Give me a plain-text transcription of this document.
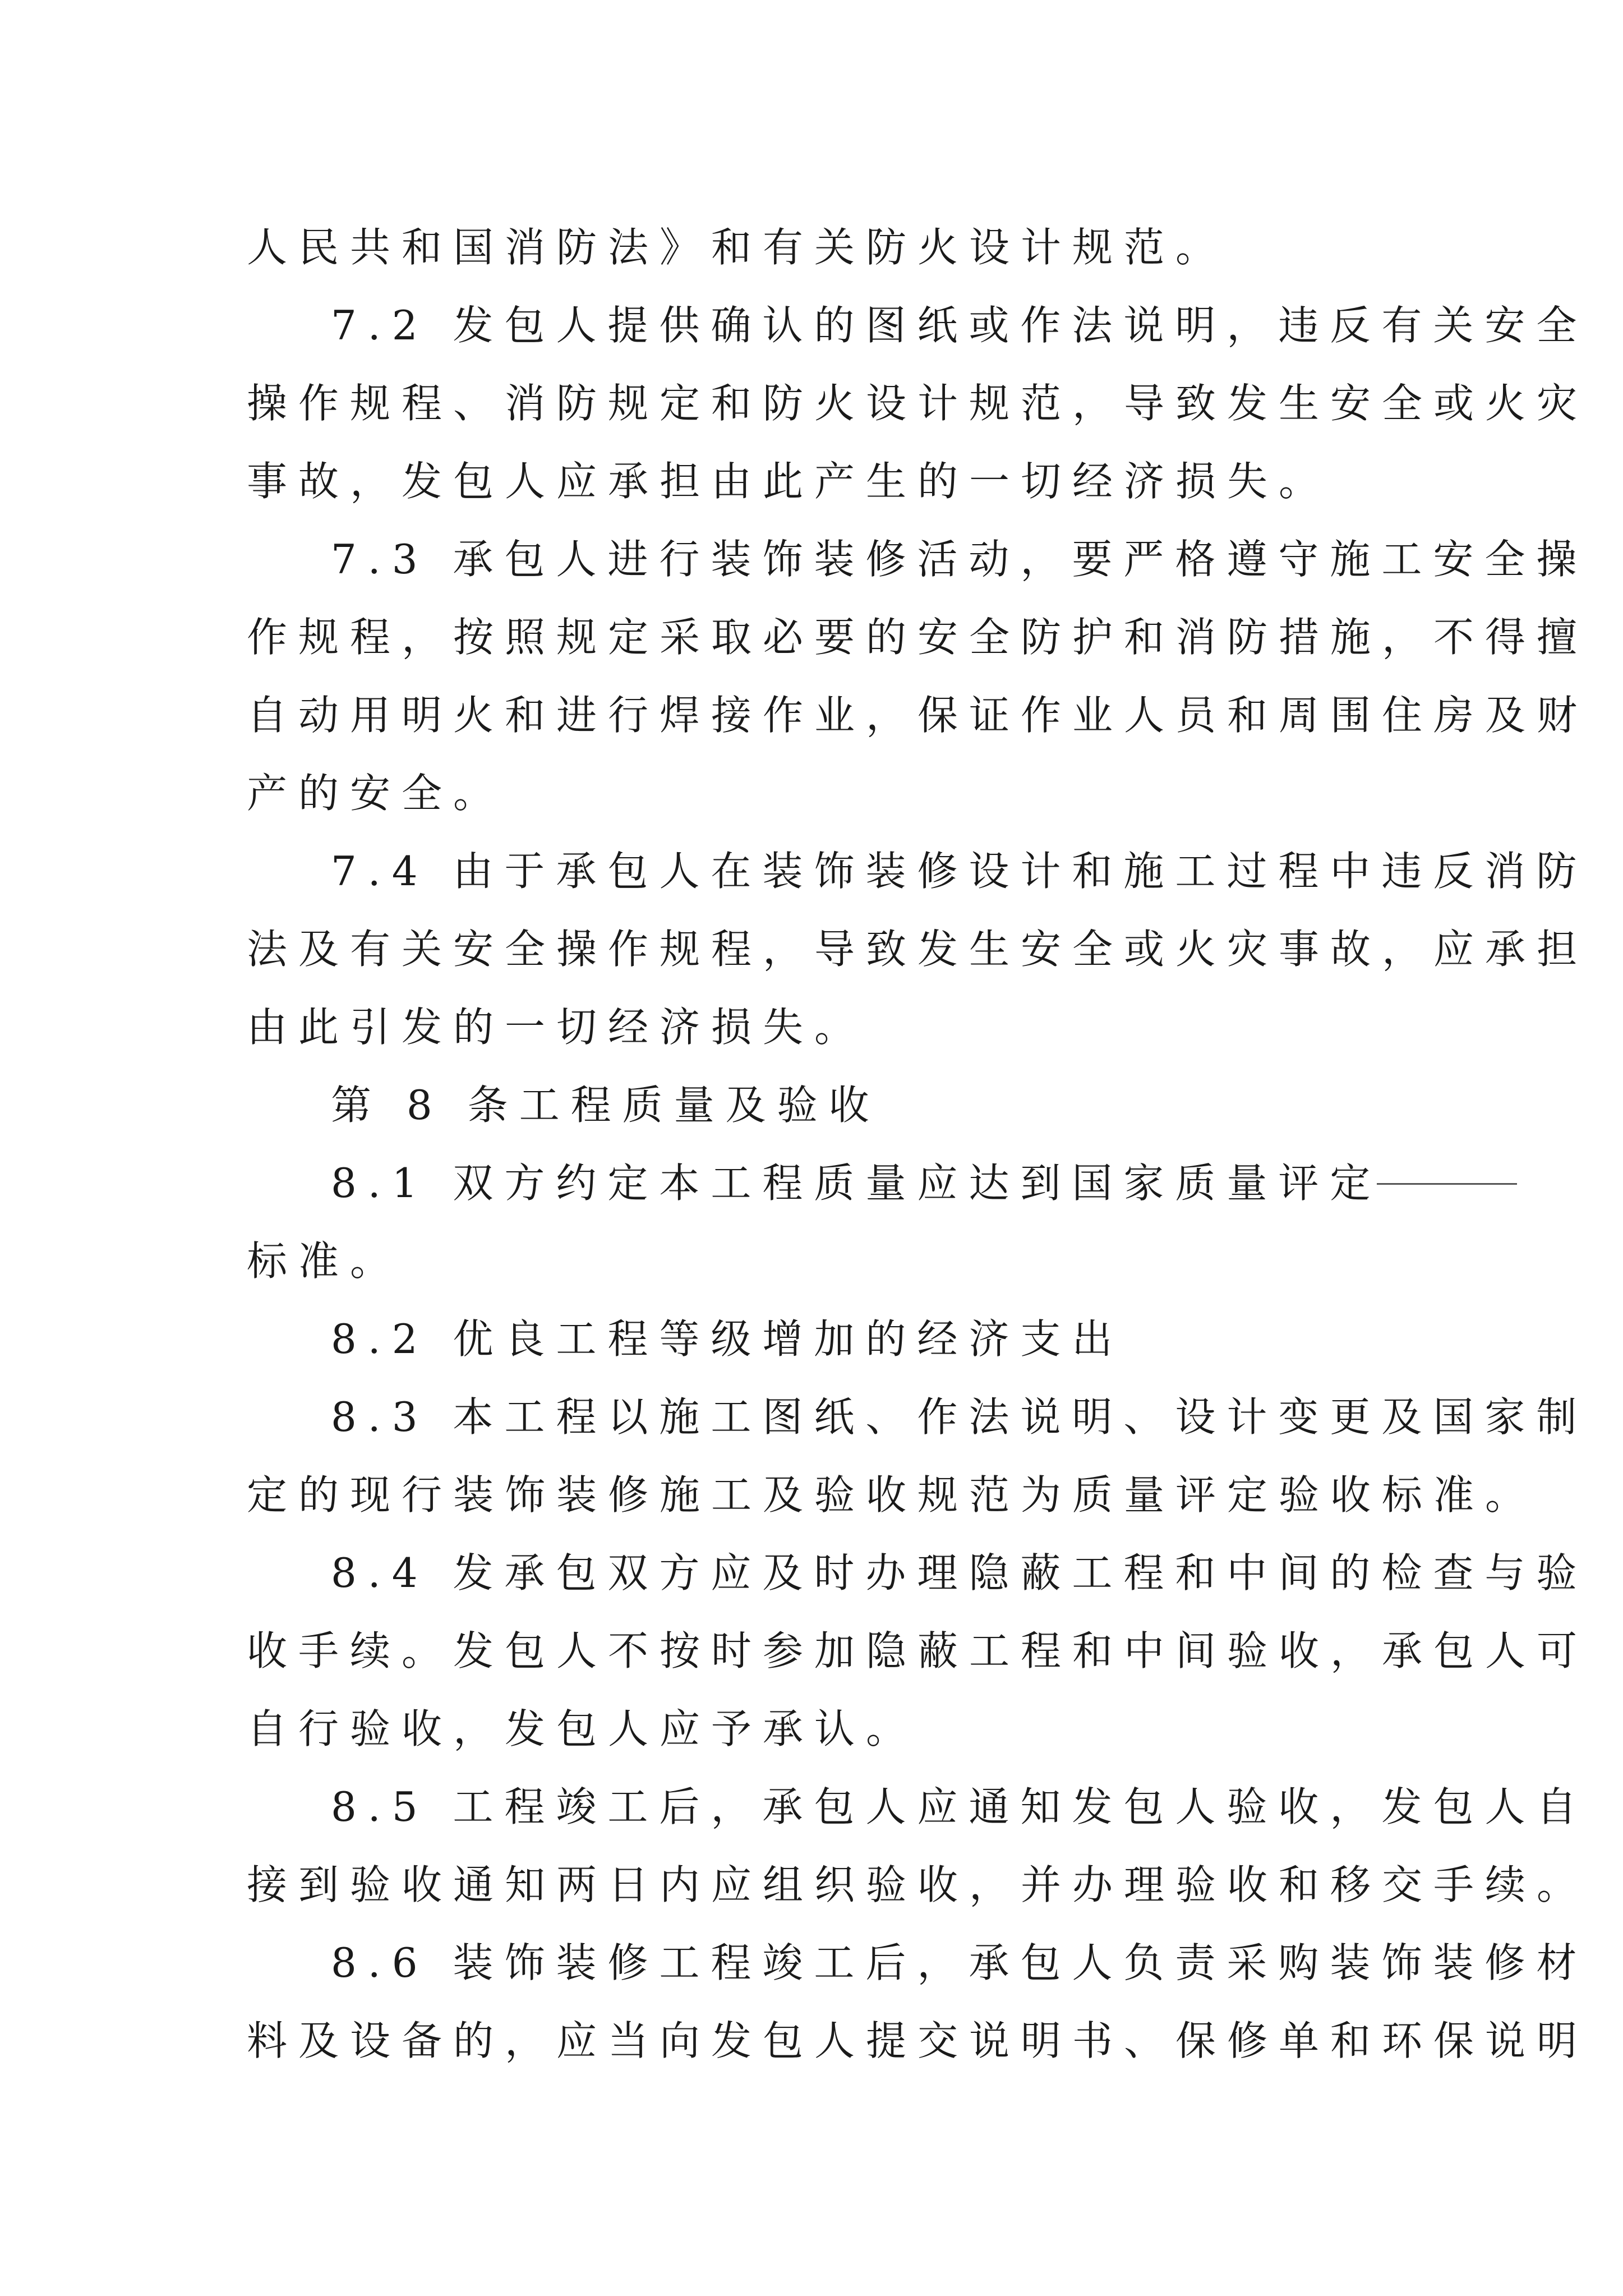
人民共和国消防法》和有关防火设计规范。
7.2 发包人提供确认的图纸或作法说明，违反有关安全
操作规程、消防规定和防火设计规范，导致发生安全或火灾
事故，发包人应承担由此产生的一切经济损失。
7.3 承包人进行装饰装修活动，要严格遵守施工安全操
作规程，按照规定采取必要的安全防护和消防措施，不得擅
自动用明火和进行焊接作业，保证作业人员和周围住房及财
产的安全。
7.4 由于承包人在装饰装修设计和施工过程中违反消防
法及有关安全操作规程，导致发生安全或火灾事故，应承担
由此引发的一切经济损失。
第 8 条工程质量及验收
8.1 双方约定本工程质量应达到国家质量评定
标准。
8.2 优良工程等级增加的经济支出
8.3 本工程以施工图纸、作法说明、设计变更及国家制
定的现行装饰装修施工及验收规范为质量评定验收标准。
8.4 发承包双方应及时办理隐蔽工程和中间的检查与验
收手续。发包人不按时参加隐蔽工程和中间验收，承包人可
自行验收，发包人应予承认。
8.5 工程竣工后，承包人应通知发包人验收，发包人自
接到验收通知两日内应组织验收，并办理验收和移交手续。
8.6 装饰装修工程竣工后，承包人负责采购装饰装修材
料及设备的，应当向发包人提交说明书、保修单和环保说明
